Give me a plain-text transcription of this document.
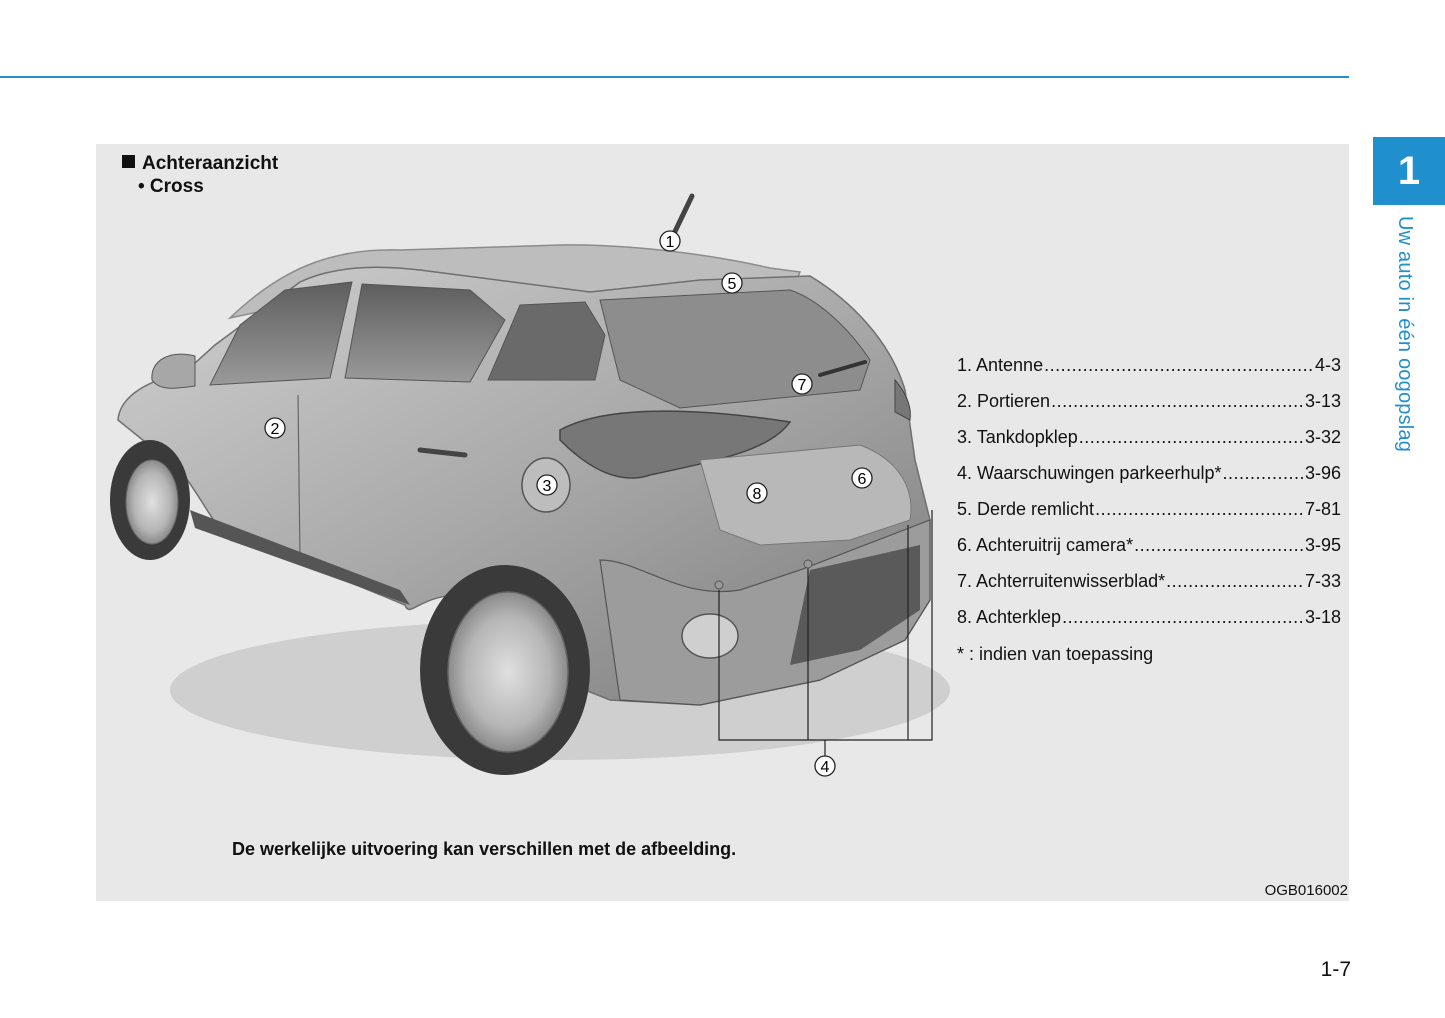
1
Uw auto in één oogopslag
Achteraanzicht
• Cross
1
2
3
4
5
6
7
8
1. Antenne .....	4-3
2. Portieren .....	3-13
3. Tankdopklep .....	3-32
4. Waarschuwingen parkeerhulp* .....	3-96
5. Derde remlicht .....	7-81
6. Achteruitrij camera* .....	3-95
7. Achterruitenwisserblad* .....	7-33
8. Achterklep .....	3-18
* : indien van toepassing
De werkelijke uitvoering kan verschillen met de afbeelding.
OGB016002
1-7
